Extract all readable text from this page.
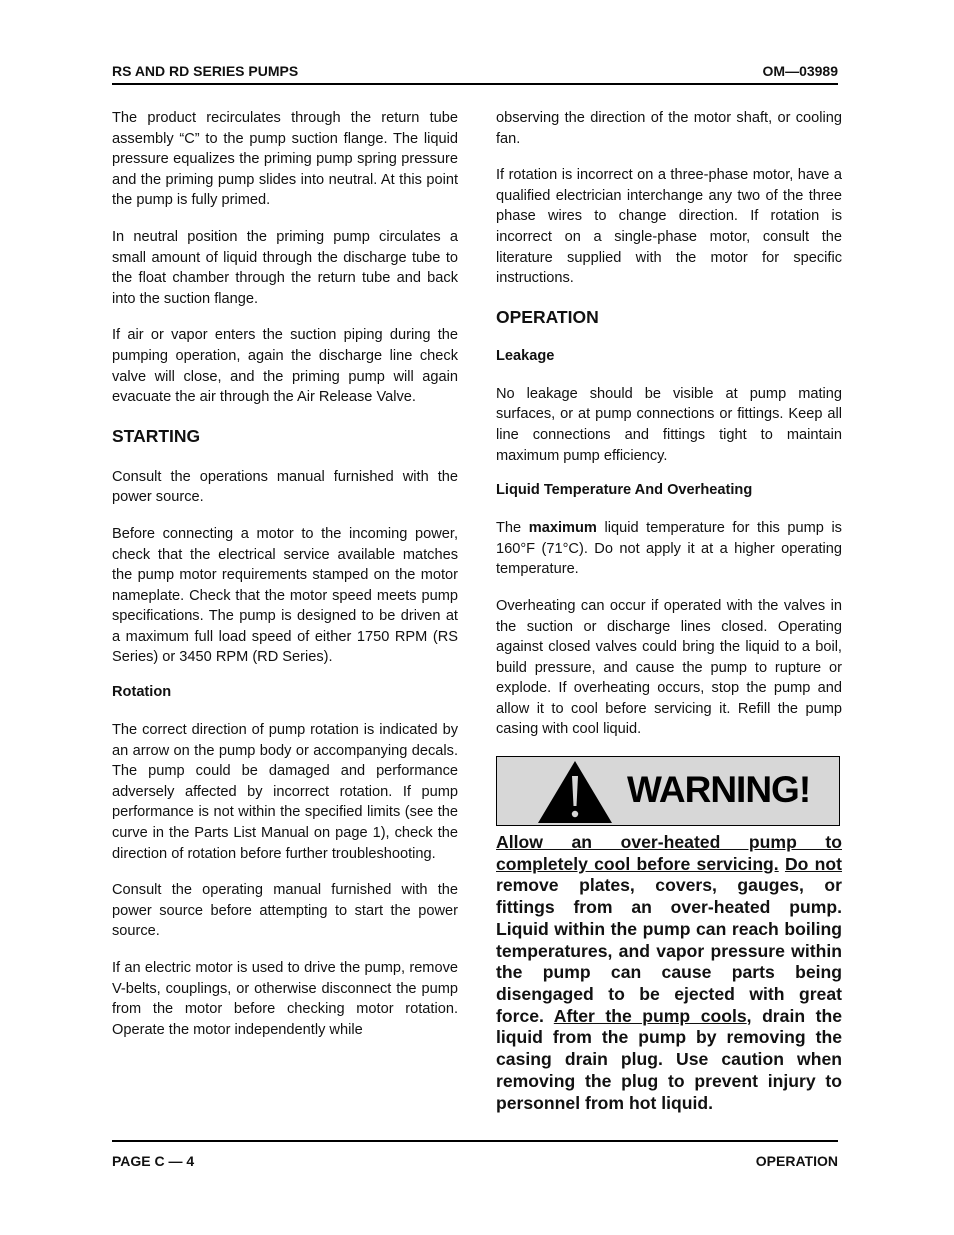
RS AND RD SERIES PUMPS	OM—03989

The product recirculates through the return tube assembly “C” to the pump suction flange. The liquid pressure equalizes the priming pump spring pressure and the priming pump slides into neutral. At this point the pump is fully primed.

In neutral position the priming pump circulates a small amount of liquid through the discharge tube to the float chamber through the return tube and back into the suction flange.

If air or vapor enters the suction piping during the pumping operation, again the discharge line check valve will close, and the priming pump will again evacuate the air through the Air Release Valve.

STARTING

Consult the operations manual furnished with the power source.

Before connecting a motor to the incoming power, check that the electrical service available matches the pump motor requirements stamped on the motor nameplate. Check that the motor speed meets pump specifications. The pump is designed to be driven at a maximum full load speed of either 1750 RPM (RS Series) or 3450 RPM (RD Series).

Rotation

The correct direction of pump rotation is indicated by an arrow on the pump body or accompanying decals. The pump could be damaged and performance adversely affected by incorrect rotation. If pump performance is not within the specified limits (see the curve in the Parts List Manual on page 1), check the direction of rotation before further troubleshooting.

Consult the operating manual furnished with the power source before attempting to start the power source.

If an electric motor is used to drive the pump, remove V-belts, couplings, or otherwise disconnect the pump from the motor before checking motor rotation. Operate the motor independently while

observing the direction of the motor shaft, or cooling fan.

If rotation is incorrect on a three-phase motor, have a qualified electrician interchange any two of the three phase wires to change direction. If rotation is incorrect on a single-phase motor, consult the literature supplied with the motor for specific instructions.

OPERATION
Leakage

No leakage should be visible at pump mating surfaces, or at pump connections or fittings. Keep all line connections and fittings tight to maintain maximum pump efficiency.

Liquid Temperature And Overheating

The maximum liquid temperature for this pump is 160°F (71°C). Do not apply it at a higher operating temperature.

Overheating can occur if operated with the valves in the suction or discharge lines closed. Operating against closed valves could bring the liquid to a boil, build pressure, and cause the pump to rupture or explode. If overheating occurs, stop the pump and allow it to cool before servicing it. Refill the pump casing with cool liquid.

WARNING!

Allow an over-heated pump to completely cool before servicing. Do not remove plates, covers, gauges, or fittings from an over-heated pump. Liquid within the pump can reach boiling temperatures, and vapor pressure within the pump can cause parts being disengaged to be ejected with great force. After the pump cools, drain the liquid from the pump by removing the casing drain plug. Use caution when removing the plug to prevent injury to personnel from hot liquid.

PAGE C — 4	OPERATION
